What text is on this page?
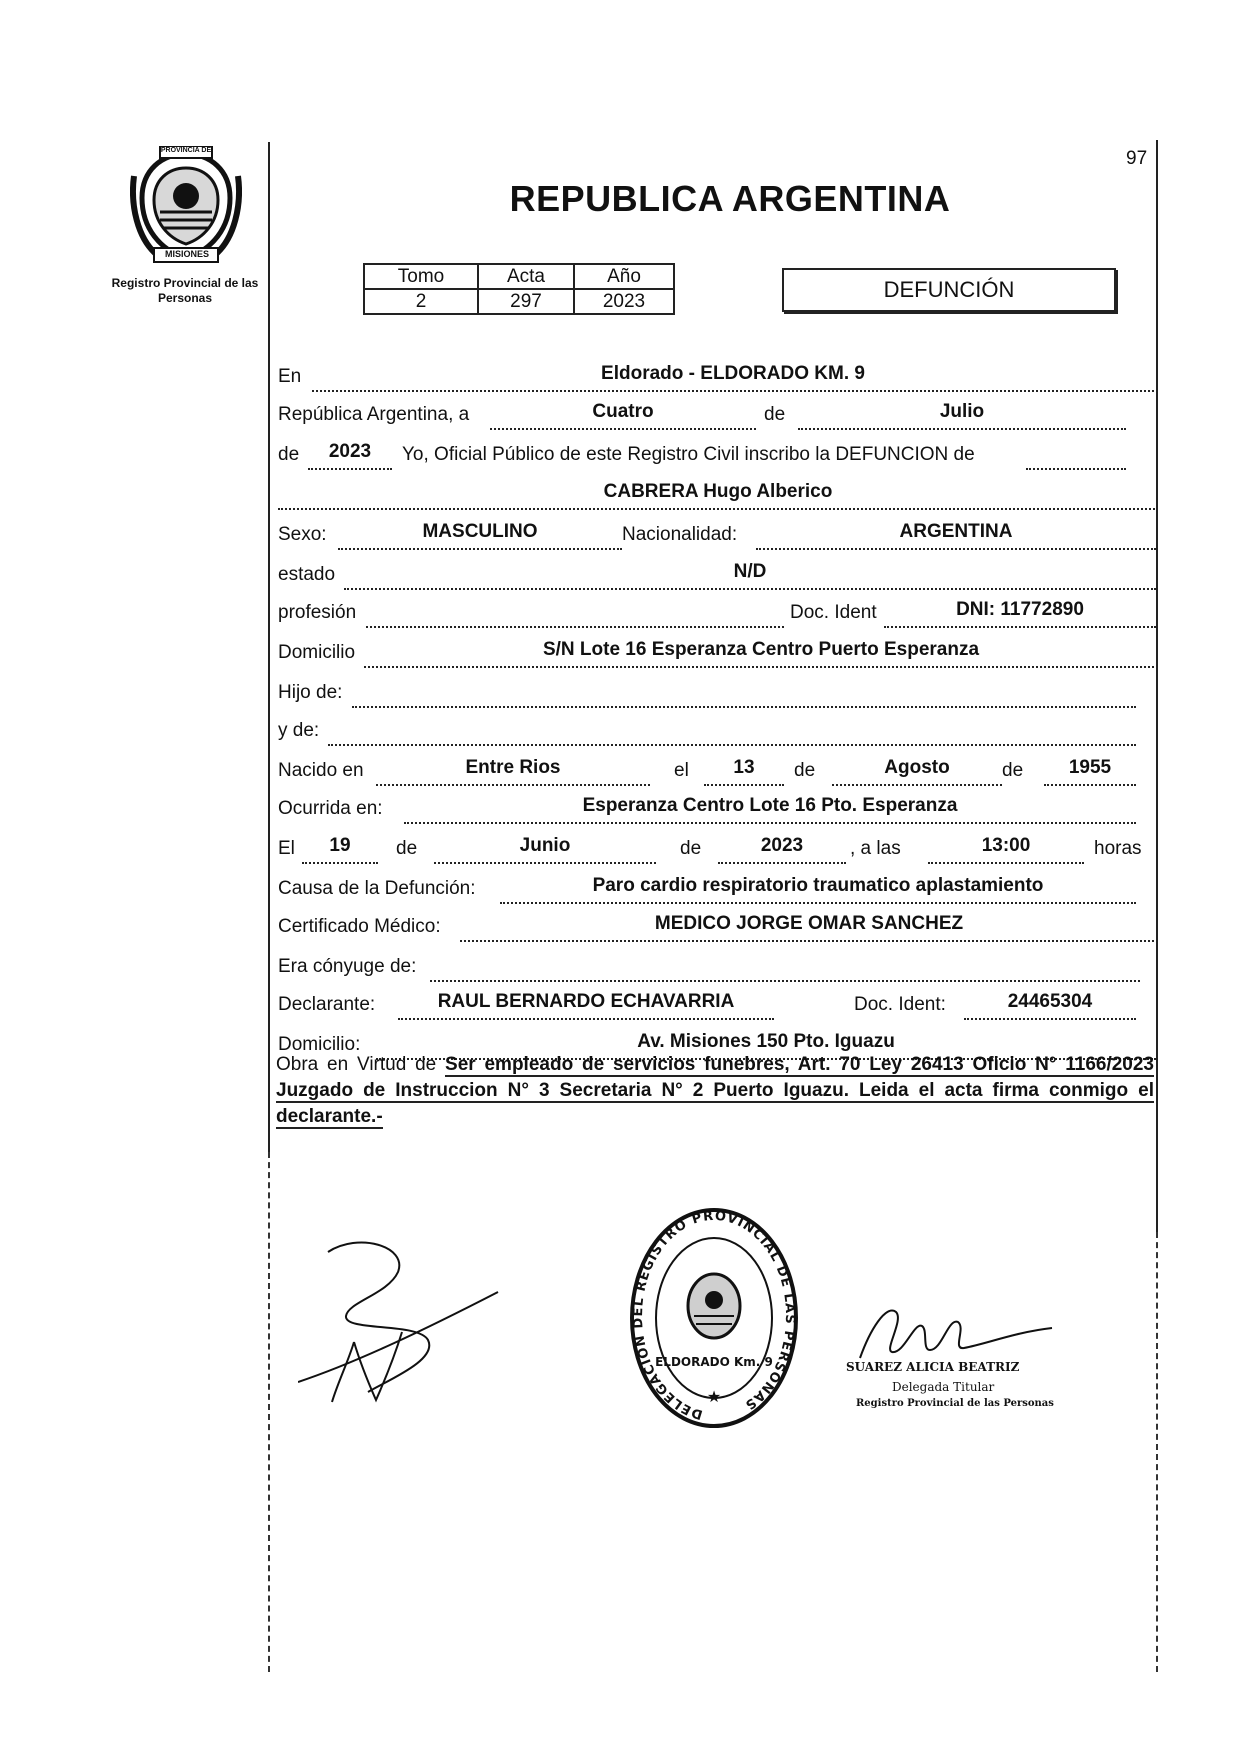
PROVINCIA DE
MISIONES
Registro Provincial de las Personas
97
REPUBLICA ARGENTINA
Tomo	Acta	Año
2	297	2023	DEFUNCIÓN
En	Eldorado - ELDORADO KM. 9
República Argentina, a	Cuatro	de	Julio
de	2023	Yo, Oficial Público de este Registro Civil inscribo la DEFUNCION de
CABRERA Hugo Alberico
Sexo:	MASCULINO	Nacionalidad:	ARGENTINA
estado	N/D
profesión	Doc. Ident	DNI: 11772890
Domicilio	S/N Lote 16 Esperanza Centro Puerto Esperanza
Hijo de:
y de:
Nacido en	Entre Rios	el	13	de	Agosto	de	1955
Ocurrida en:	Esperanza Centro Lote 16 Pto. Esperanza
El	19	de	Junio	de	2023	, a las	13:00	horas
Causa de la Defunción:	Paro cardio respiratorio traumatico aplastamiento
Certificado Médico:	MEDICO JORGE OMAR SANCHEZ
Era cónyuge de:
Declarante:	RAUL BERNARDO ECHAVARRIA	Doc. Ident:	24465304
Domicilio:	Av. Misiones 150 Pto. Iguazu
Obra en Virtud de Ser empleado de servicios funebres, Art. 70 Ley 26413 Oficio N° 1166/2023 Juzgado de Instruccion N° 3 Secretaria N° 2 Puerto Iguazu. Leida el acta firma conmigo el declarante.-
DELEGACIÓN DEL REGISTRO PROVINCIAL DE LAS PERSONAS
ELDORADO Km. 9
★
SUAREZ ALICIA BEATRIZ
Delegada Titular
Registro Provincial de las Personas
